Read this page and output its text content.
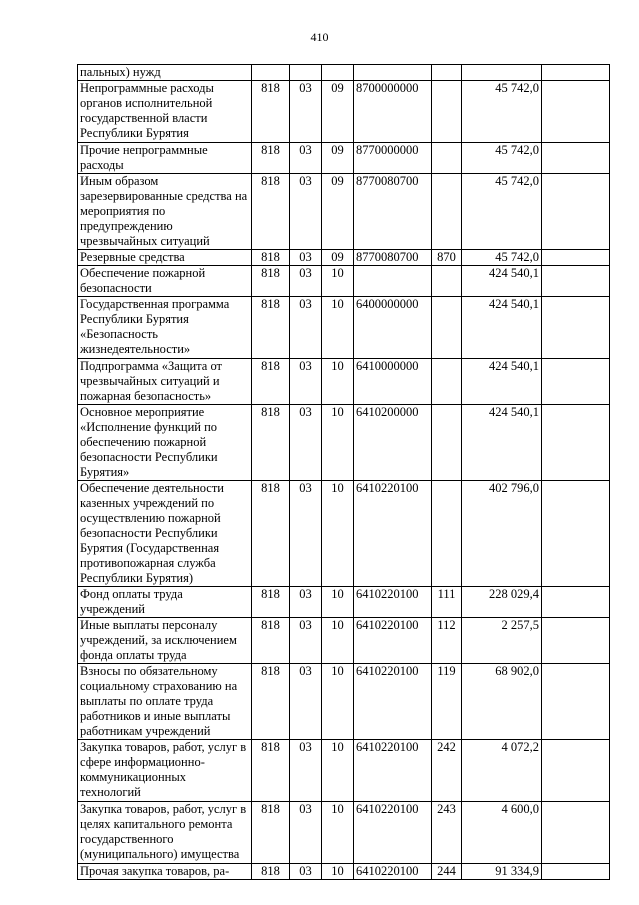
410
пальных) нужд							
Непрограммные расходы органов исполнительной государственной власти Республики Бурятия	818	03	09	8700000000		45 742,0	
Прочие непрограммные расходы	818	03	09	8770000000		45 742,0	
Иным образом зарезервированные средства на мероприятия по предупреждению чрезвычайных ситуаций	818	03	09	8770080700		45 742,0	
Резервные средства	818	03	09	8770080700	870	45 742,0	
Обеспечение пожарной безопасности	818	03	10			424 540,1	
Государственная программа Республики Бурятия «Безопасность жизнедеятельности»	818	03	10	6400000000		424 540,1	
Подпрограмма «Защита от чрезвычайных ситуаций и пожарная безопасность»	818	03	10	6410000000		424 540,1	
Основное мероприятие «Исполнение функций по обеспечению пожарной безопасности Республики Бурятия»	818	03	10	6410200000		424 540,1	
Обеспечение деятельности казенных учреждений по осуществлению пожарной безопасности Республики Бурятия (Государственная противопожарная служба Республики Бурятия)	818	03	10	6410220100		402 796,0	
Фонд оплаты труда учреждений	818	03	10	6410220100	111	228 029,4	
Иные выплаты персоналу учреждений, за исключением фонда оплаты труда	818	03	10	6410220100	112	2 257,5	
Взносы по обязательному социальному страхованию на выплаты по оплате труда работников и иные выплаты работникам учреждений	818	03	10	6410220100	119	68 902,0	
Закупка товаров, работ, услуг в сфере информационно-коммуникационных технологий	818	03	10	6410220100	242	4 072,2	
Закупка товаров, работ, услуг в целях капитального ремонта государственного (муниципального) имущества	818	03	10	6410220100	243	4 600,0	
Прочая закупка товаров, ра-	818	03	10	6410220100	244	91 334,9	
